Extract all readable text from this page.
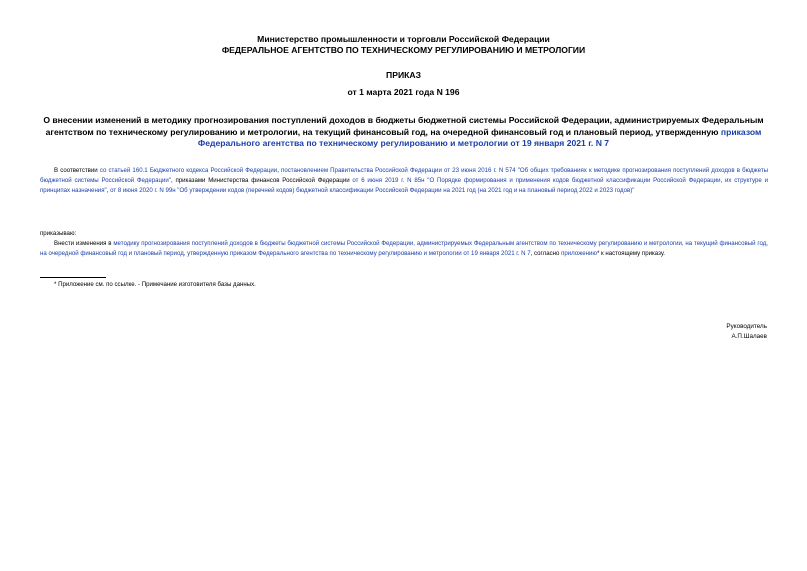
Министерство промышленности и торговли Российской Федерации
ФЕДЕРАЛЬНОЕ АГЕНТСТВО ПО ТЕХНИЧЕСКОМУ РЕГУЛИРОВАНИЮ И МЕТРОЛОГИИ
ПРИКАЗ
от 1 марта 2021 года N 196
О внесении изменений в методику прогнозирования поступлений доходов в бюджеты бюджетной системы Российской Федерации, администрируемых Федеральным агентством по техническому регулированию и метрологии, на текущий финансовый год, на очередной финансовый год и плановый период, утвержденную приказом Федерального агентства по техническому регулированию и метрологии от 19 января 2021 г. N 7
В соответствии со статьей 160.1 Бюджетного кодекса Российской Федерации, постановлением Правительства Российской Федерации от 23 июня 2016 г. N 574 "Об общих требованиях к методике прогнозирования поступлений доходов в бюджеты бюджетной системы Российской Федерации", приказами Министерства финансов Российской Федерации от 6 июня 2019 г. N 85н "О Порядке формирования и применения кодов бюджетной классификации Российской Федерации, их структуре и принципах назначения", от 8 июня 2020 г. N 99н "Об утверждении кодов (перечней кодов) бюджетной классификации Российской Федерации на 2021 год (на 2021 год и на плановый период 2022 и 2023 годов)"
приказываю:
Внести изменения в методику прогнозирования поступлений доходов в бюджеты бюджетной системы Российской Федерации, администрируемых Федеральным агентством по техническому регулированию и метрологии, на текущий финансовый год, на очередной финансовый год и плановый период, утвержденную приказом Федерального агентства по техническому регулированию и метрологии от 19 января 2021 г. N 7, согласно приложению* к настоящему приказу.
* Приложение см. по ссылке. - Примечание изготовителя базы данных.
Руководитель
А.П.Шалаев
